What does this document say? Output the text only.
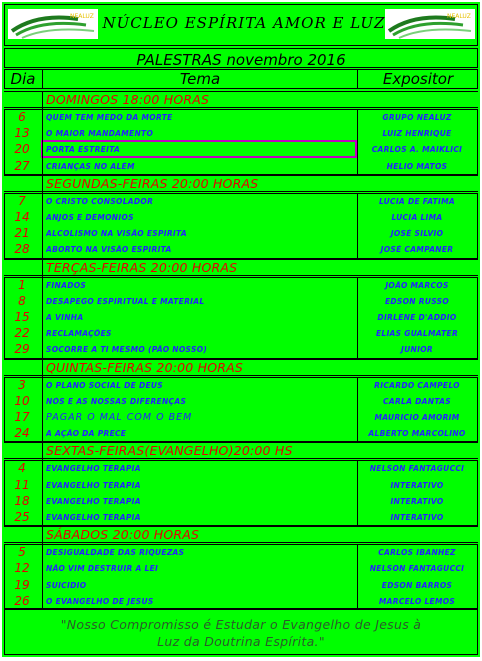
NEALUZ NÚCLEO ESPÍRITA AMOR E LUZ	NEALUZ
PALESTRAS novembro 2016
Dia	Tema	Expositor
DOMINGOS 18:00 HORAS
6	QUEM TEM MEDO DA MORTE	GRUPO NEALUZ
13	O MAIOR MANDAMENTO	LUIZ HENRIQUE
20	PORTA ESTREITA	CARLOS A. MAIKLICI
27	CRIANÇAS NO ALÉM	HELIO MATOS
SEGUNDAS-FEIRAS 20:00 HORAS
7	O CRISTO CONSOLADOR	LUCIA DE FATIMA
14	ANJOS E DEMONIOS	LUCIA LIMA
21	ALCOLISMO NA VISÃO ESPIRITA	JOSÉ SILVIO
28	ABORTO NA VISÃO ESPIRITA	JOSÉ CAMPANER
TERÇAS-FEIRAS 20:00 HORAS
1	FINADOS	JOÃO MARCOS
8	DESAPEGO ESPIRITUAL E MATERIAL	EDSON RUSSO
15	A VINHA	DIRLENE D'ADDIO
22	RECLAMAÇÕES	ELIAS GUALMATER
29	SOCORRE A TI MESMO (PÃO NOSSO)	JUNIOR
QUINTAS-FEIRAS 20:00 HORAS
3	O PLANO SOCIAL DE DEUS	RICARDO CAMPELO
10	NÓS E AS NOSSAS DIFERENÇAS	CARLA DANTAS
17	PAGAR O MAL COM O BEM	MAURICIO AMORIM
24	A AÇÃO DA PRECE	ALBERTO MARCOLINO
SEXTAS-FEIRAS(EVANGELHO)20:00 HS
4	EVANGELHO TERAPIA	NELSON FANTAGUCCI
11	EVANGELHO TERAPIA	INTERATIVO
18	EVANGELHO TERAPIA	INTERATIVO
25	EVANGELHO TERAPIA	INTERATIVO
SÁBADOS 20:00 HORAS
5	DESIGUALDADE DAS RIQUEZAS	CARLOS IBANHEZ
12	NÃO VIM DESTRUIR A LEI	NELSON FANTAGUCCI
19	SUICIDIO	EDSON BARROS
26	O EVANGELHO DE JESUS	MARCELO LEMOS
"Nosso Compromisso é Estudar o Evangelho de Jesus à
Luz da Doutrina Espírita."
